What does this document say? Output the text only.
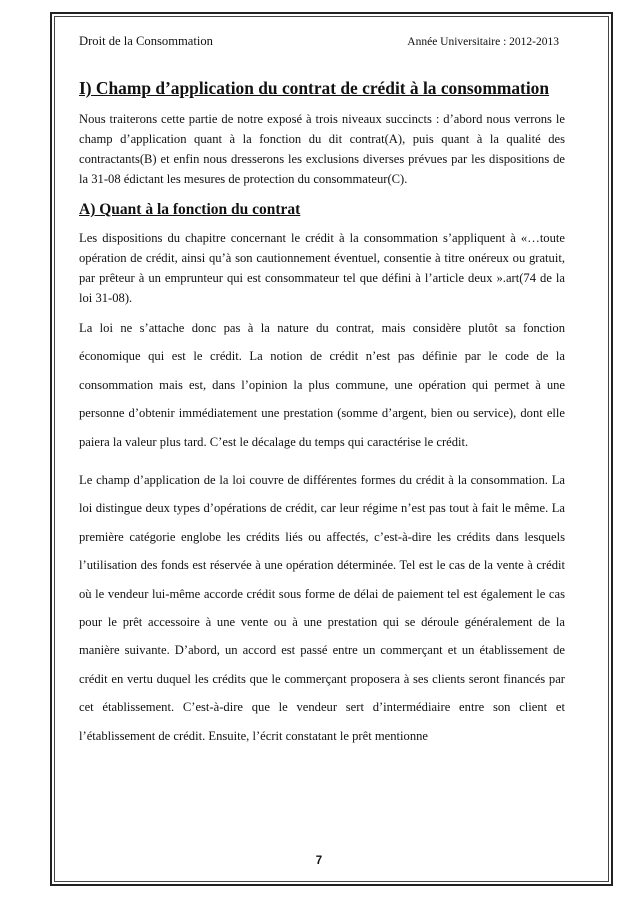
Droit de la Consommation	Année Universitaire : 2012-2013
I) Champ d’application du contrat de crédit à la consommation

Nous traiterons cette partie de notre exposé à trois niveaux succincts : d’abord nous verrons le champ d’application quant à la fonction du dit contrat(A), puis quant à la qualité des contractants(B) et enfin nous dresserons les exclusions diverses prévues par les dispositions de la 31-08 édictant les mesures de protection du consommateur(C).

A) Quant à la fonction du contrat

Les dispositions du chapitre concernant le crédit à la consommation s’appliquent à «…toute opération de crédit, ainsi qu’à son cautionnement éventuel, consentie à titre onéreux ou gratuit, par prêteur à un emprunteur qui est consommateur tel que défini à l’article deux ».art(74 de la loi 31-08).

La loi ne s’attache donc pas à la nature du contrat, mais considère plutôt sa fonction économique qui est le crédit. La notion de crédit n’est pas définie par le code de la consommation mais est, dans l’opinion la plus commune, une opération qui permet à une personne d’obtenir immédiatement une prestation (somme d’argent, bien ou service), dont elle paiera la valeur plus tard. C’est le décalage du temps qui caractérise le crédit.

Le champ d’application de la loi couvre de différentes formes du crédit à la consommation. La loi distingue deux types d’opérations de crédit, car leur régime n’est pas tout à fait le même. La première catégorie englobe les crédits liés ou affectés, c’est-à-dire les crédits dans lesquels l’utilisation des fonds est réservée à une opération déterminée. Tel est le cas de la vente à crédit où le vendeur lui-même accorde crédit sous forme de délai de paiement tel est également le cas pour le prêt accessoire à une vente ou à une prestation qui se déroule généralement de la manière suivante. D’abord, un accord est passé entre un commerçant et un établissement de crédit en vertu duquel les crédits que le commerçant proposera à ses clients seront financés par cet établissement. C’est-à-dire que le vendeur sert d’intermédiaire entre son client et l’établissement de crédit. Ensuite, l’écrit constatant le prêt mentionne

7
